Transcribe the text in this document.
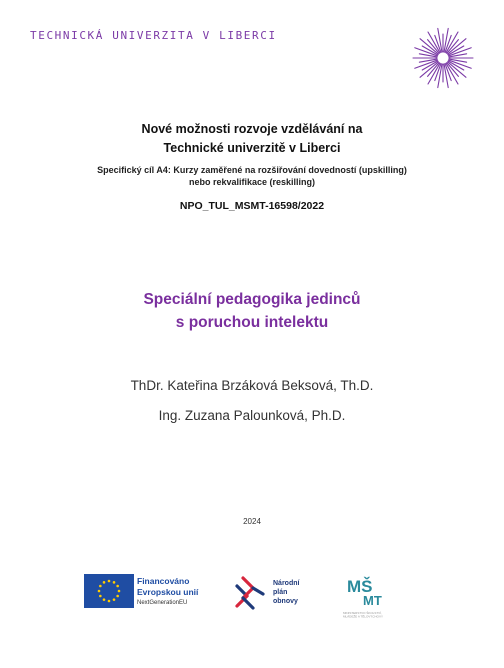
TECHNICKÁ UNIVERZITA V LIBERCI
Nové možnosti rozvoje vzdělávání na
Technické univerzitě v Liberci
Specifický cíl A4: Kurzy zaměřené na rozšiřování dovedností (upskilling)
nebo rekvalifikace (reskilling)
NPO_TUL_MSMT-16598/2022
Speciální pedagogika jedinců
s poruchou intelektu
ThDr. Kateřina Brzáková Beksová, Th.D.
Ing. Zuzana Palounková, Ph.D.
2024
Financováno
Evropskou unií
NextGenerationEU
Národní
plán
obnovy
MŠ
MT
MINISTERSTVO ŠKOLSTVÍ,
MLÁDEŽE A TĚLOVÝCHOVY
